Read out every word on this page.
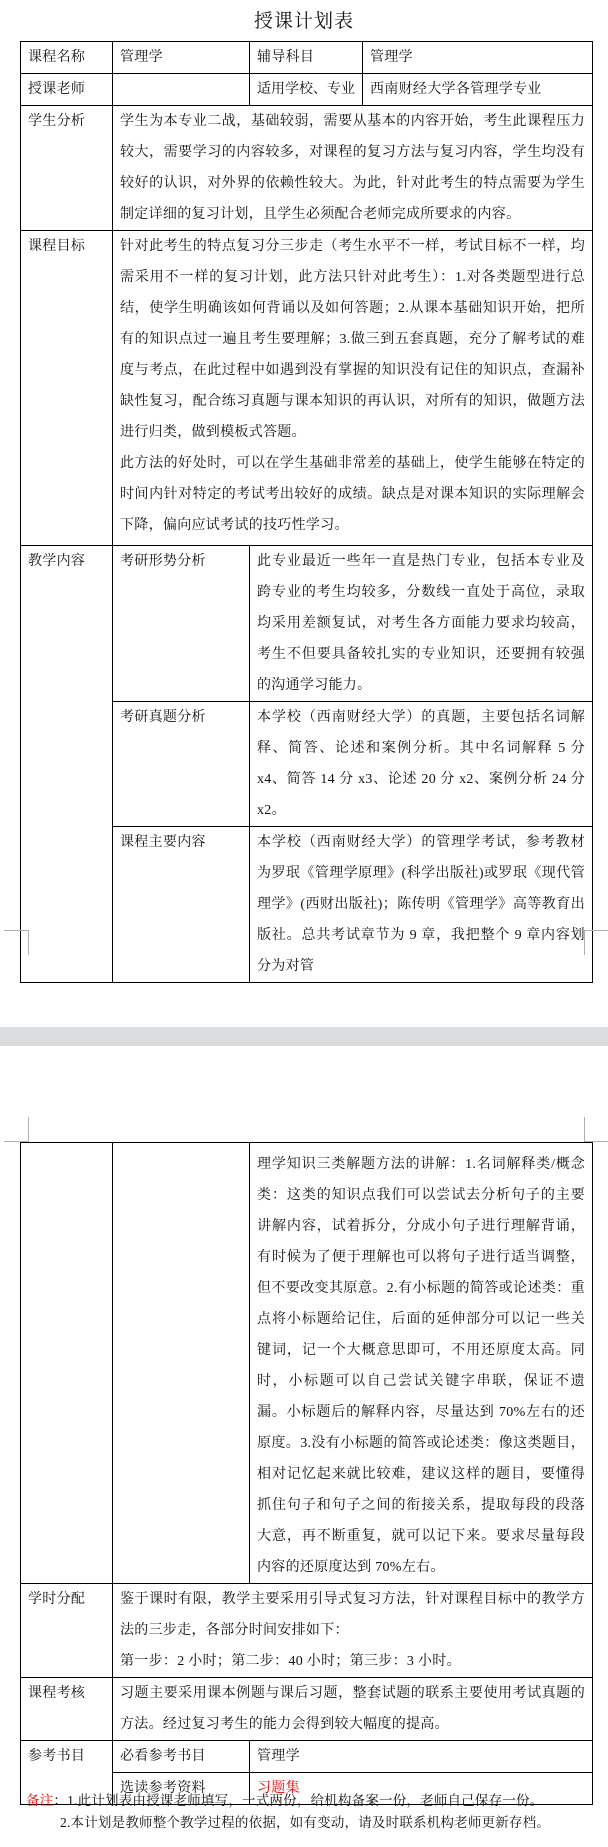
授课计划表
课程名称	管理学	辅导科目	管理学
授课老师		适用学校、专业	西南财经大学各管理学专业
学生分析	学生为本专业二战，基础较弱，需要从基本的内容开始，考生此课程压力较大，需要学习的内容较多，对课程的复习方法与复习内容，学生均没有较好的认识，对外界的依赖性较大。为此，针对此考生的特点需要为学生制定详细的复习计划，且学生必须配合老师完成所要求的内容。		
课程目标	针对此考生的特点复习分三步走（考生水平不一样，考试目标不一样，均需采用不一样的复习计划，此方法只针对此考生）：1.对各类题型进行总结，使学生明确该如何背诵以及如何答题；2.从课本基础知识开始，把所有的知识点过一遍且考生要理解；3.做三到五套真题，充分了解考试的难度与考点，在此过程中如遇到没有掌握的知识没有记住的知识点，查漏补缺性复习，配合练习真题与课本知识的再认识，对所有的知识，做题方法进行归类，做到模板式答题。
此方法的好处时，可以在学生基础非常差的基础上，使学生能够在特定的时间内针对特定的考试考出较好的成绩。缺点是对课本知识的实际理解会下降，偏向应试考试的技巧性学习。		

教学内容	考研形势分析	此专业最近一些年一直是热门专业，包括本专业及跨专业的考生均较多，分数线一直处于高位，录取均采用差额复试，对考生各方面能力要求均较高，考生不但要具备较扎实的专业知识，还要拥有较强的沟通学习能力。	
	考研真题分析	本学校（西南财经大学）的真题，主要包括名词解释、简答、论述和案例分析。其中名词解释 5 分 x4、简答 14 分 x3、论述 20 分 x2、案例分析 24 分 x2。	
	课程主要内容	本学校（西南财经大学）的管理学考试，参考教材为罗珉《管理学原理》(科学出版社)或罗珉《现代管理学》(西财出版社)；陈传明《管理学》高等教育出版社。总共考试章节为 9 章，我把整个 9 章内容划分为对管	
		理学知识三类解题方法的讲解：1.名词解释类/概念类：这类的知识点我们可以尝试去分析句子的主要讲解内容，试着拆分，分成小句子进行理解背诵，有时候为了便于理解也可以将句子进行适当调整，但不要改变其原意。2.有小标题的简答或论述类：重点将小标题给记住，后面的延伸部分可以记一些关键词，记一个大概意思即可，不用还原度太高。同时，小标题可以自己尝试关键字串联，保证不遗漏。小标题后的解释内容，尽量达到 70%左右的还原度。3.没有小标题的简答或论述类：像这类题目，相对记忆起来就比较难，建议这样的题目，要懂得抓住句子和句子之间的衔接关系，提取每段的段落大意，再不断重复，就可以记下来。要求尽量每段内容的还原度达到 70%左右。
学时分配	鉴于课时有限，教学主要采用引导式复习方法，针对课程目标中的教学方法的三步走，各部分时间安排如下：
第一步：2 小时；第二步：40 小时；第三步：3 小时。	

课程考核	习题主要采用课本例题与课后习题，整套试题的联系主要使用考试真题的方法。经过复习考生的能力会得到较大幅度的提高。	
参考书目	必看参考书目	管理学
	选读参考资料	习题集
备注：1.此计划表由授课老师填写，一式两份，给机构备案一份，老师自己保存一份。
2.本计划是教师整个教学过程的依据，如有变动，请及时联系机构老师更新存档。
